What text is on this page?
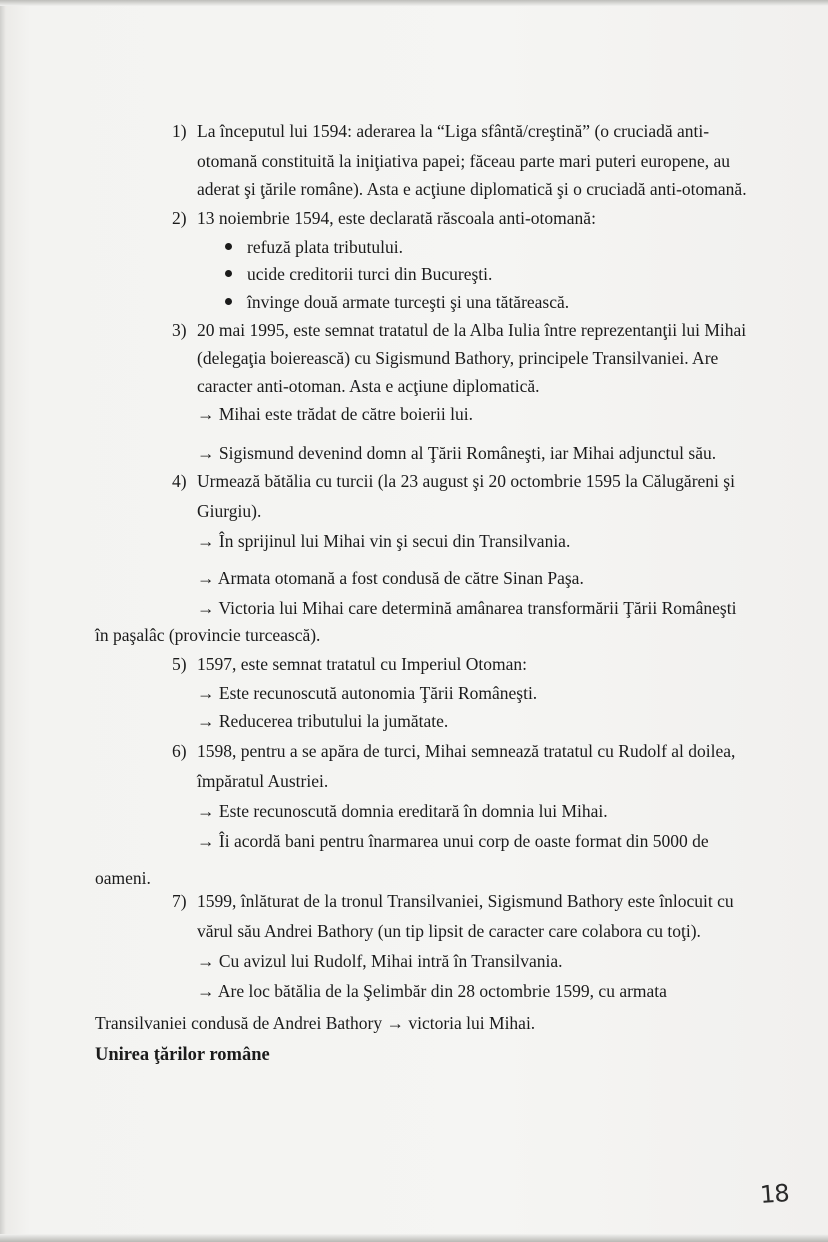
1) La începutul lui 1594: aderarea la “Liga sfântă/creştină” (o cruciadă anti-
otomană constituită la iniţiativa papei; făceau parte mari puteri europene, au
aderat şi ţările române). Asta e acţiune diplomatică şi o cruciadă anti-otomană.
2) 13 noiembrie 1594, este declarată răscoala anti-otomană:
refuză plata tributului.
ucide creditorii turci din Bucureşti.
învinge două armate turceşti şi una tătărească.
3) 20 mai 1995, este semnat tratatul de la Alba Iulia între reprezentanţii lui Mihai
(delegaţia boierească) cu Sigismund Bathory, principele Transilvaniei. Are
caracter anti-otoman. Asta e acţiune diplomatică.
→ Mihai este trădat de către boierii lui.
→ Sigismund devenind domn al Ţării Româneşti, iar Mihai adjunctul său.
4) Urmează bătălia cu turcii (la 23 august şi 20 octombrie 1595 la Călugăreni şi
Giurgiu).
→ În sprijinul lui Mihai vin şi secui din Transilvania.
→ Armata otomană a fost condusă de către Sinan Paşa.
→ Victoria lui Mihai care determină amânarea transformării Ţării Româneşti
în paşalâc (provincie turcească).
5) 1597, este semnat tratatul cu Imperiul Otoman:
→ Este recunoscută autonomia Ţării Româneşti.
→ Reducerea tributului la jumătate.
6) 1598, pentru a se apăra de turci, Mihai semnează tratatul cu Rudolf al doilea,
împăratul Austriei.
→ Este recunoscută domnia ereditară în domnia lui Mihai.
→ Îi acordă bani pentru înarmarea unui corp de oaste format din 5000 de
oameni.
7) 1599, înlăturat de la tronul Transilvaniei, Sigismund Bathory este înlocuit cu
vărul său Andrei Bathory (un tip lipsit de caracter care colabora cu toţi).
→ Cu avizul lui Rudolf, Mihai intră în Transilvania.
→ Are loc bătălia de la Şelimbăr din 28 octombrie 1599, cu armata
Transilvaniei condusă de Andrei Bathory → victoria lui Mihai.
Unirea ţărilor române
18
